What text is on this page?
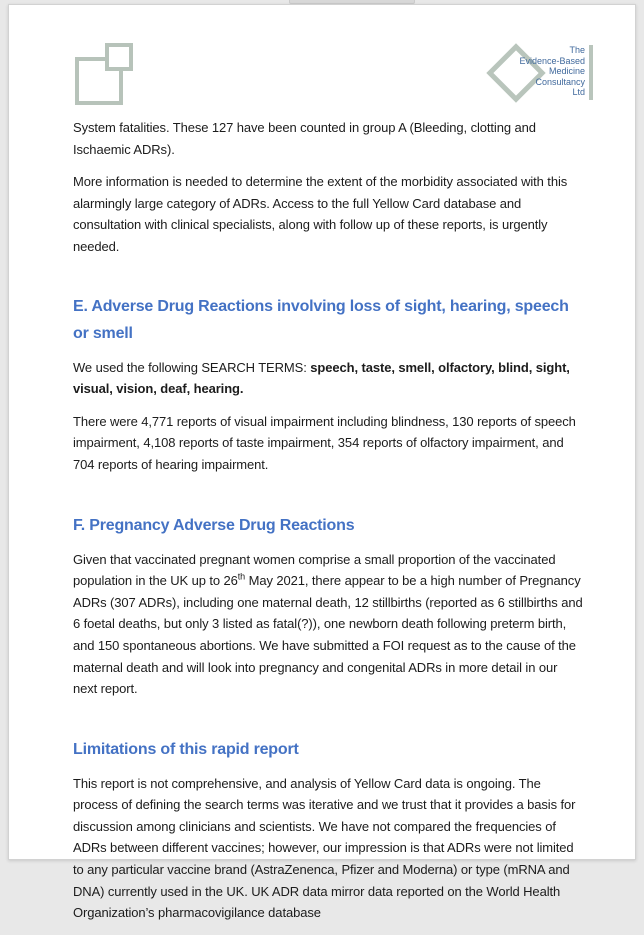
The
Evidence-Based
Medicine
Consultancy
Ltd

System fatalities. These 127 have been counted in group A (Bleeding, clotting and Ischaemic ADRs).

More information is needed to determine the extent of the morbidity associated with this alarmingly large category of ADRs. Access to the full Yellow Card database and consultation with clinical specialists, along with follow up of these reports, is urgently needed.

E. Adverse Drug Reactions involving loss of sight, hearing, speech or smell

We used the following SEARCH TERMS: speech, taste, smell, olfactory, blind, sight, visual, vision, deaf, hearing.

There were 4,771 reports of visual impairment including blindness, 130 reports of speech impairment, 4,108 reports of taste impairment, 354 reports of olfactory impairment, and 704 reports of hearing impairment.

F. Pregnancy Adverse Drug Reactions

Given that vaccinated pregnant women comprise a small proportion of the vaccinated population in the UK up to 26th May 2021, there appear to be a high number of Pregnancy ADRs (307 ADRs), including one maternal death, 12 stillbirths (reported as 6 stillbirths and 6 foetal deaths, but only 3 listed as fatal(?)), one newborn death following preterm birth, and 150 spontaneous abortions. We have submitted a FOI request as to the cause of the maternal death and will look into pregnancy and congenital ADRs in more detail in our next report.

Limitations of this rapid report

This report is not comprehensive, and analysis of Yellow Card data is ongoing. The process of defining the search terms was iterative and we trust that it provides a basis for discussion among clinicians and scientists. We have not compared the frequencies of ADRs between different vaccines; however, our impression is that ADRs were not limited to any particular vaccine brand (AstraZenenca, Pfizer and Moderna) or type (mRNA and DNA) currently used in the UK. UK ADR data mirror data reported on the World Health Organization’s pharmacovigilance database
